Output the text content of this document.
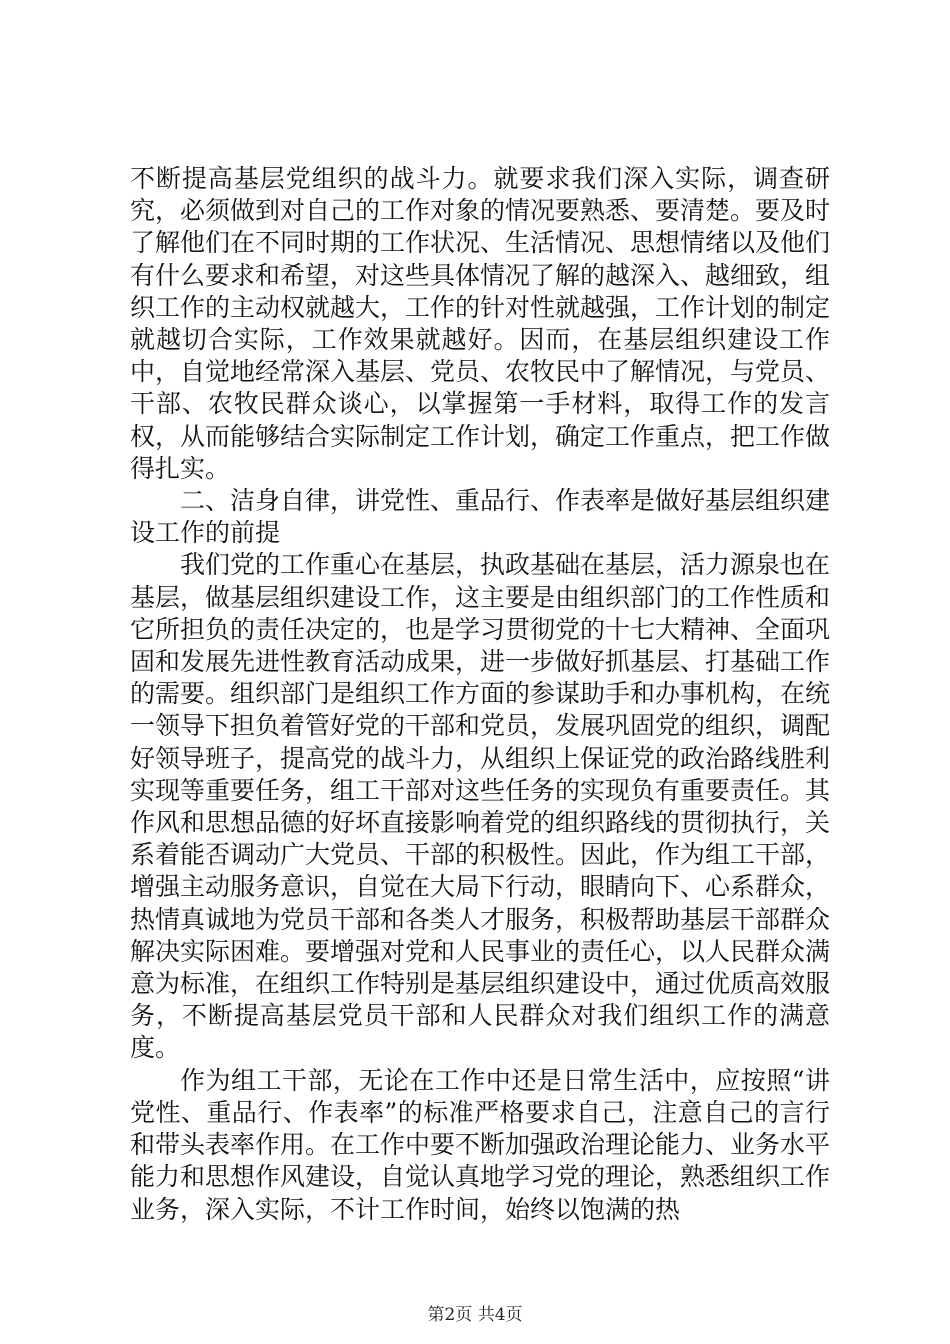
不断提高基层党组织的战斗力。就要求我们深入实际，调查研究，必须做到对自己的工作对象的情况要熟悉、要清楚。要及时了解他们在不同时期的工作状况、生活情况、思想情绪以及他们有什么要求和希望，对这些具体情况了解的越深入、越细致，组织工作的主动权就越大，工作的针对性就越强，工作计划的制定就越切合实际，工作效果就越好。因而，在基层组织建设工作中，自觉地经常深入基层、党员、农牧民中了解情况，与党员、干部、农牧民群众谈心，以掌握第一手材料，取得工作的发言权，从而能够结合实际制定工作计划，确定工作重点，把工作做得扎实。

二、洁身自律，讲党性、重品行、作表率是做好基层组织建设工作的前提

我们党的工作重心在基层，执政基础在基层，活力源泉也在基层，做基层组织建设工作，这主要是由组织部门的工作性质和它所担负的责任决定的，也是学习贯彻党的十七大精神、全面巩固和发展先进性教育活动成果，进一步做好抓基层、打基础工作的需要。组织部门是组织工作方面的参谋助手和办事机构，在统一领导下担负着管好党的干部和党员，发展巩固党的组织，调配好领导班子，提高党的战斗力，从组织上保证党的政治路线胜利实现等重要任务，组工干部对这些任务的实现负有重要责任。其作风和思想品德的好坏直接影响着党的组织路线的贯彻执行，关系着能否调动广大党员、干部的积极性。因此，作为组工干部，增强主动服务意识，自觉在大局下行动，眼睛向下、心系群众，热情真诚地为党员干部和各类人才服务，积极帮助基层干部群众解决实际困难。要增强对党和人民事业的责任心，以人民群众满意为标准，在组织工作特别是基层组织建设中，通过优质高效服务，不断提高基层党员干部和人民群众对我们组织工作的满意度。

作为组工干部，无论在工作中还是日常生活中，应按照“讲党性、重品行、作表率”的标准严格要求自己，注意自己的言行和带头表率作用。在工作中要不断加强政治理论能力、业务水平能力和思想作风建设，自觉认真地学习党的理论，熟悉组织工作业务，深入实际，不计工作时间，始终以饱满的热

第2页 共4页
